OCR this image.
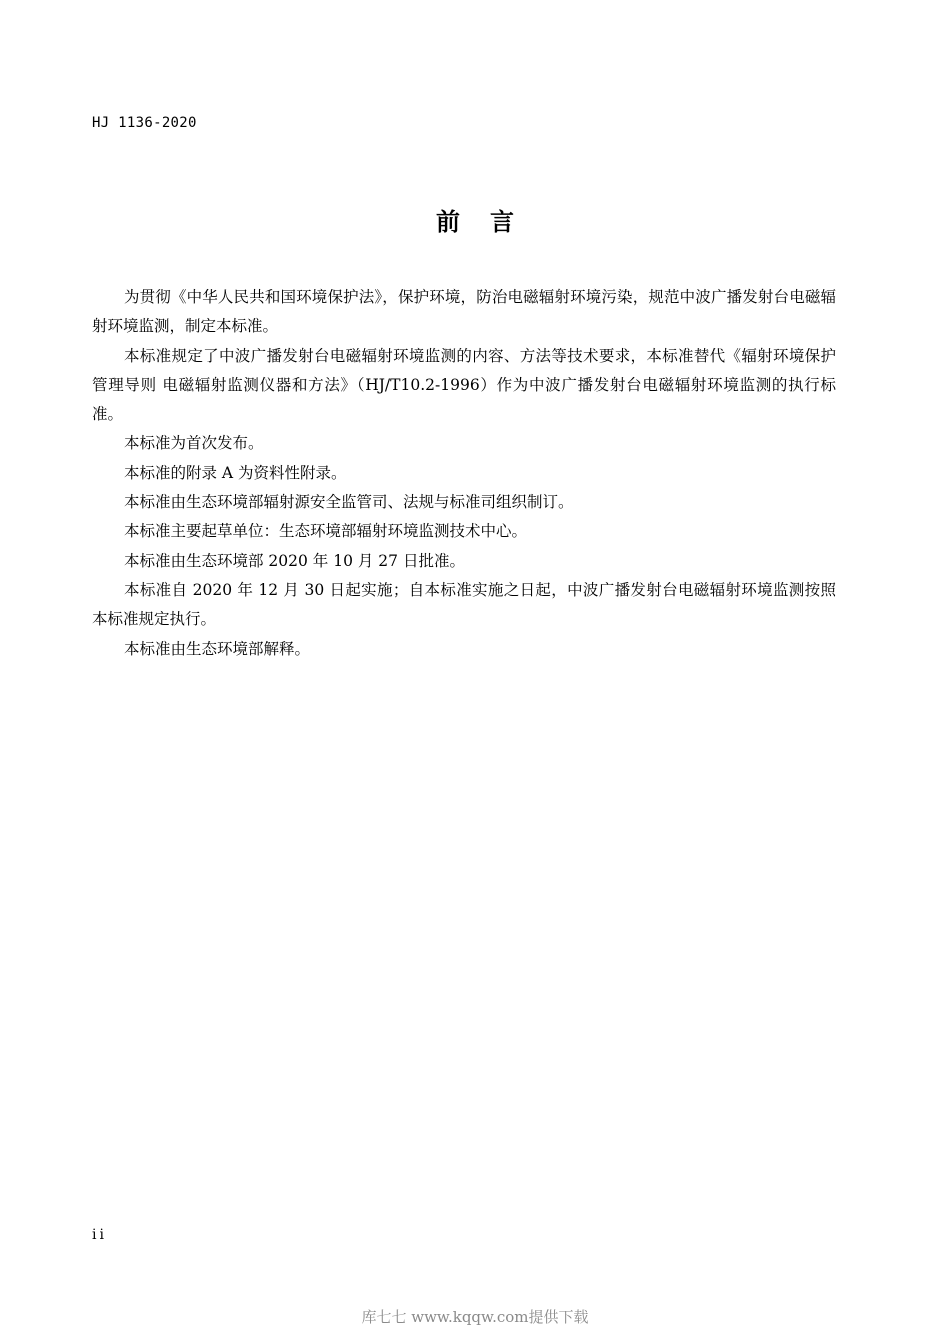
HJ 1136-2020
前言

为贯彻《中华人民共和国环境保护法》，保护环境，防治电磁辐射环境污染，规范中波广播发射台电磁辐射环境监测，制定本标准。

本标准规定了中波广播发射台电磁辐射环境监测的内容、方法等技术要求，本标准替代《辐射环境保护管理导则 电磁辐射监测仪器和方法》（HJ/T10.2-1996）作为中波广播发射台电磁辐射环境监测的执行标准。

本标准为首次发布。

本标准的附录 A 为资料性附录。

本标准由生态环境部辐射源安全监管司、法规与标准司组织制订。

本标准主要起草单位：生态环境部辐射环境监测技术中心。

本标准由生态环境部 2020 年 10 月 27 日批准。

本标准自 2020 年 12 月 30 日起实施；自本标准实施之日起，中波广播发射台电磁辐射环境监测按照本标准规定执行。

本标准由生态环境部解释。

ii
库七七 www.kqqw.com提供下载
